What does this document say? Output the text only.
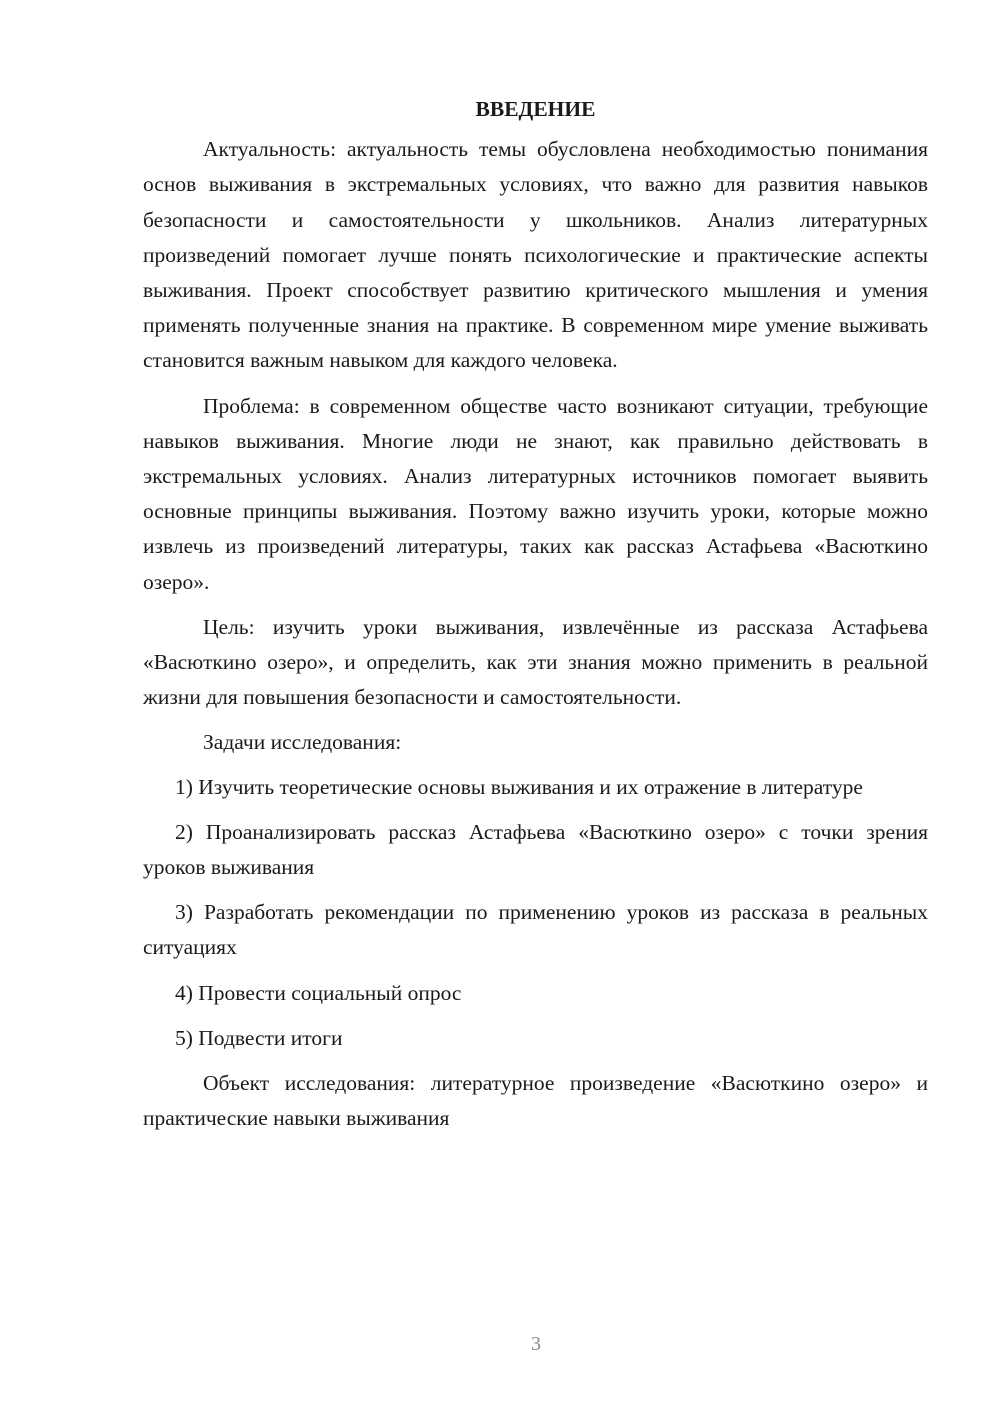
ВВЕДЕНИЕ

Актуальность: актуальность темы обусловлена необходимостью понимания основ выживания в экстремальных условиях, что важно для развития навыков безопасности и самостоятельности у школьников. Анализ литературных произведений помогает лучше понять психологические и практические аспекты выживания. Проект способствует развитию критического мышления и умения применять полученные знания на практике. В современном мире умение выживать становится важным навыком для каждого человека.

Проблема: в современном обществе часто возникают ситуации, требующие навыков выживания. Многие люди не знают, как правильно действовать в экстремальных условиях. Анализ литературных источников помогает выявить основные принципы выживания. Поэтому важно изучить уроки, которые можно извлечь из произведений литературы, таких как рассказ Астафьева «Васюткино озеро».

Цель: изучить уроки выживания, извлечённые из рассказа Астафьева «Васюткино озеро», и определить, как эти знания можно применить в реальной жизни для повышения безопасности и самостоятельности.

Задачи исследования:

1) Изучить теоретические основы выживания и их отражение в литературе

2) Проанализировать рассказ Астафьева «Васюткино озеро» с точки зрения уроков выживания

3) Разработать рекомендации по применению уроков из рассказа в реальных ситуациях

4) Провести социальный опрос

5) Подвести итоги

Объект исследования: литературное произведение «Васюткино озеро» и практические навыки выживания

3
